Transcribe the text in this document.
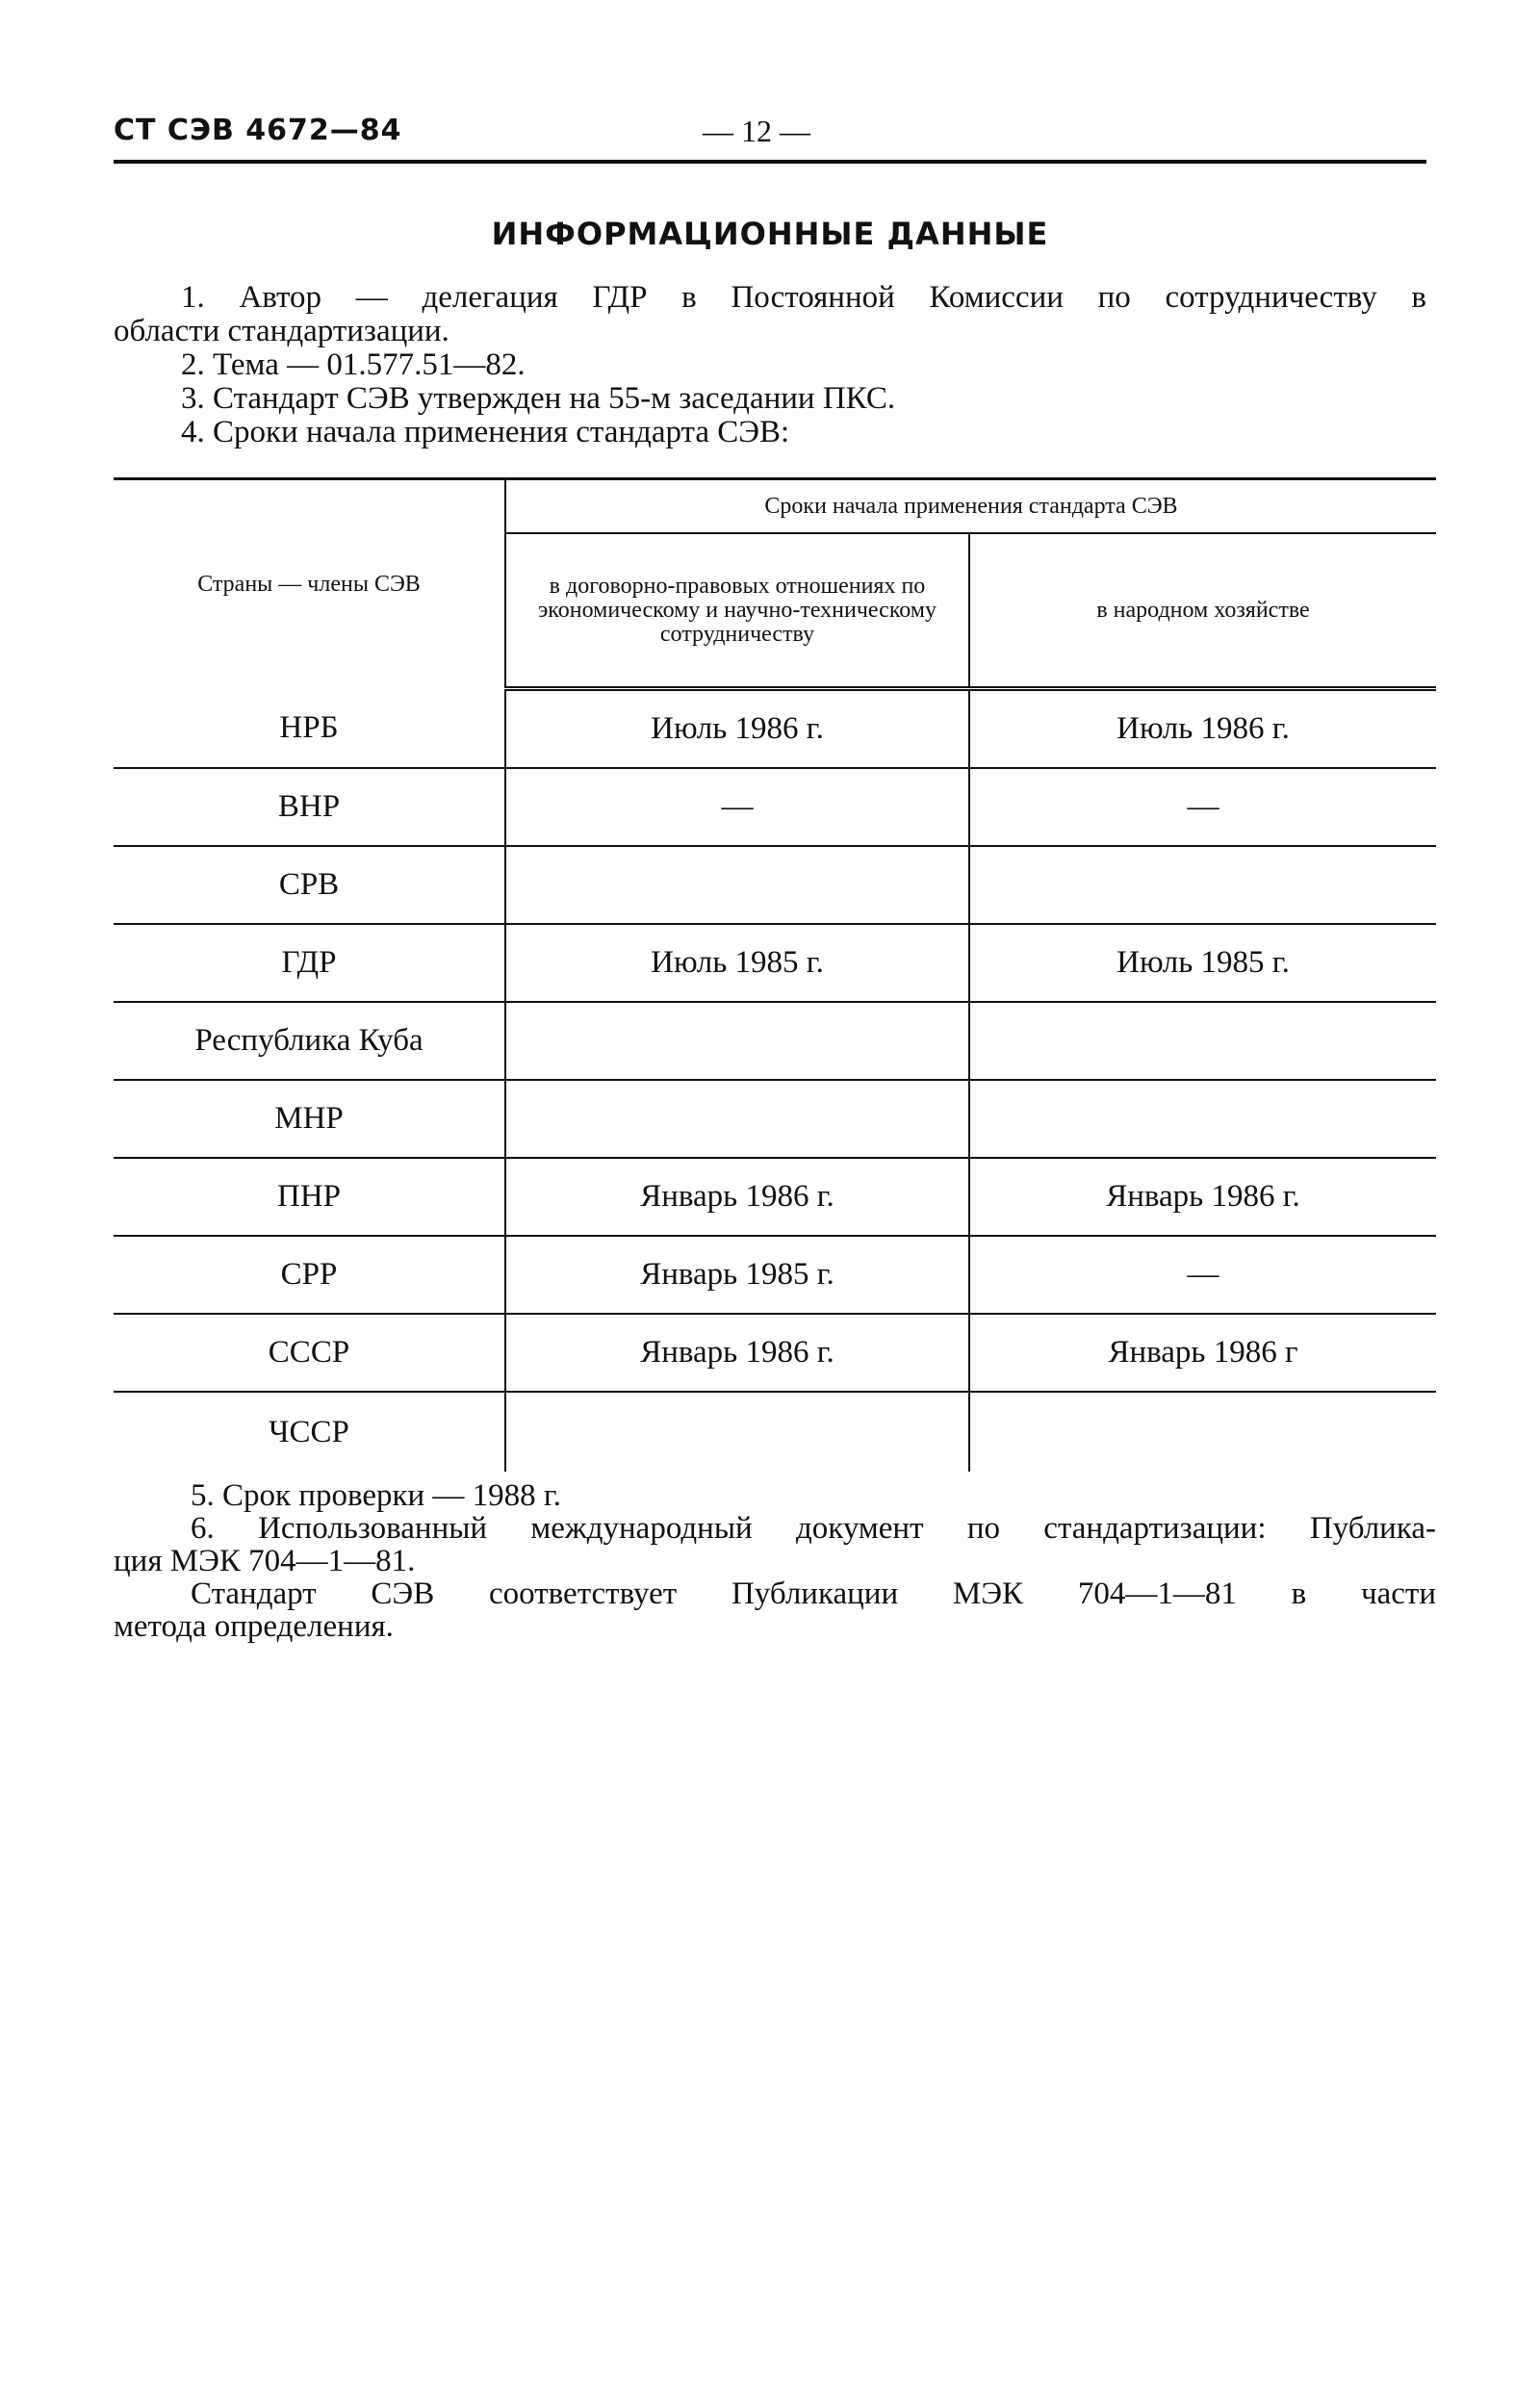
СТ СЭВ 4672—84	— 12 —
ИНФОРМАЦИОННЫЕ ДАННЫЕ

1. Автор — делегация ГДР в Постоянной Комиссии по сотрудничеству в

области стандартизации.

2. Тема — 01.577.51—82.

3. Стандарт СЭВ утвержден на 55-м заседании ПКС.

4. Сроки начала применения стандарта СЭВ:

Страны — члены СЭВ	Сроки начала применения стандарта СЭВ	
	в договорно-правовых отношениях по экономическому и научно-техническому сотрудничеству	в народном хозяйстве
НРБ	Июль 1986 г.	Июль 1986 г.
ВНР	—	—
СРВ		
ГДР	Июль 1985 г.	Июль 1985 г.
Республика Куба		
МНР		
ПНР	Январь 1986 г.	Январь 1986 г.
СРР	Январь 1985 г.	—
СССР	Январь 1986 г.	Январь 1986 г
ЧССР		

5. Срок проверки — 1988 г.

6. Использованный международный документ по стандартизации: Публика-

ция МЭК 704—1—81.

Стандарт СЭВ соответствует Публикации МЭК 704—1—81 в части

метода определения.
